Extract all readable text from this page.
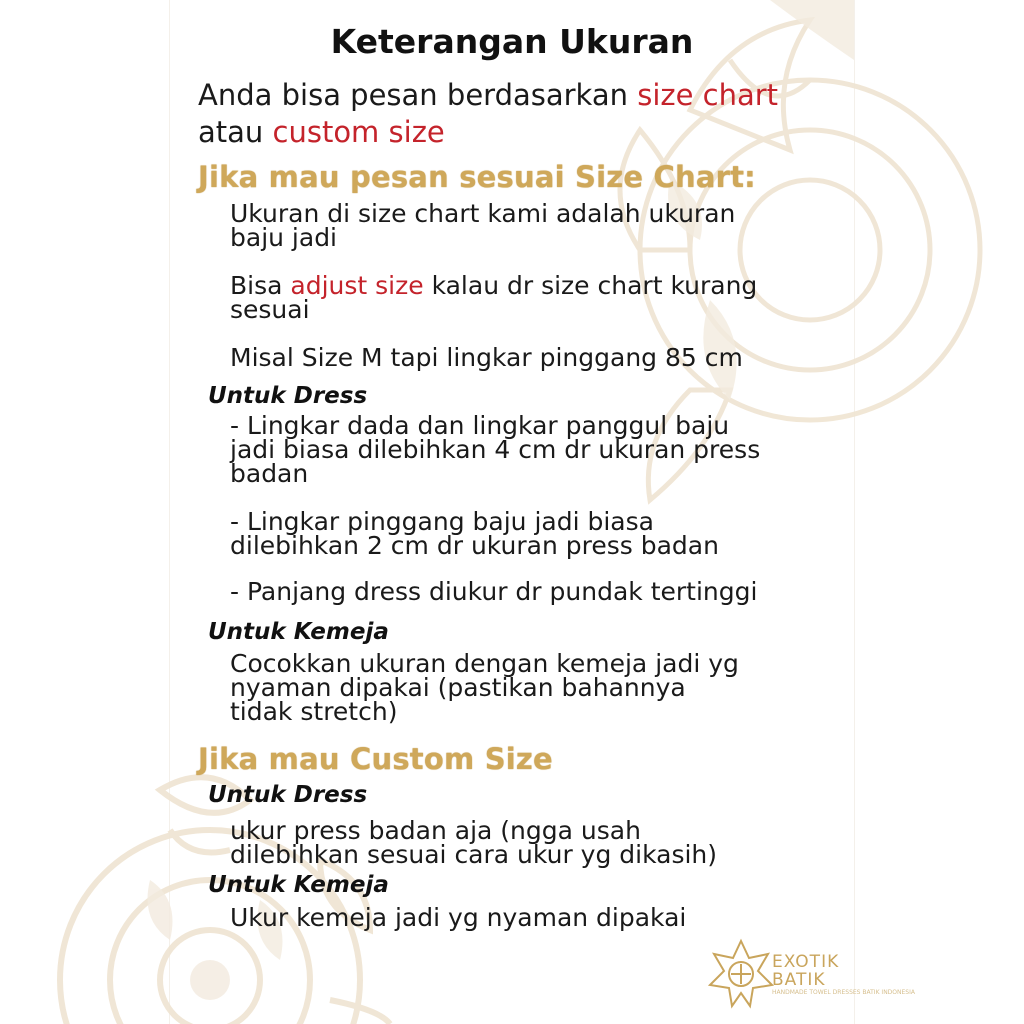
Keterangan Ukuran
Anda bisa pesan berdasarkan size chart
atau custom size
Jika mau pesan sesuai Size Chart:
Ukuran di size chart kami adalah ukuran
baju jadi
Bisa adjust size kalau dr size chart kurang
sesuai
Misal Size M tapi lingkar pinggang 85 cm
Untuk Dress
- Lingkar dada dan lingkar panggul baju
jadi biasa dilebihkan 4 cm dr ukuran press
badan
- Lingkar pinggang baju jadi biasa
dilebihkan 2 cm dr ukuran press badan
- Panjang dress diukur dr pundak tertinggi
Untuk Kemeja
Cocokkan ukuran dengan kemeja jadi yg
nyaman dipakai (pastikan bahannya
tidak stretch)
Jika mau Custom Size
Untuk Dress
ukur press badan aja (ngga usah
dilebihkan sesuai cara ukur yg dikasih)
Untuk Kemeja
Ukur kemeja jadi yg nyaman dipakai
EXOTIK
BATIK
HANDMADE TOWEL DRESSES BATIK INDONESIA
